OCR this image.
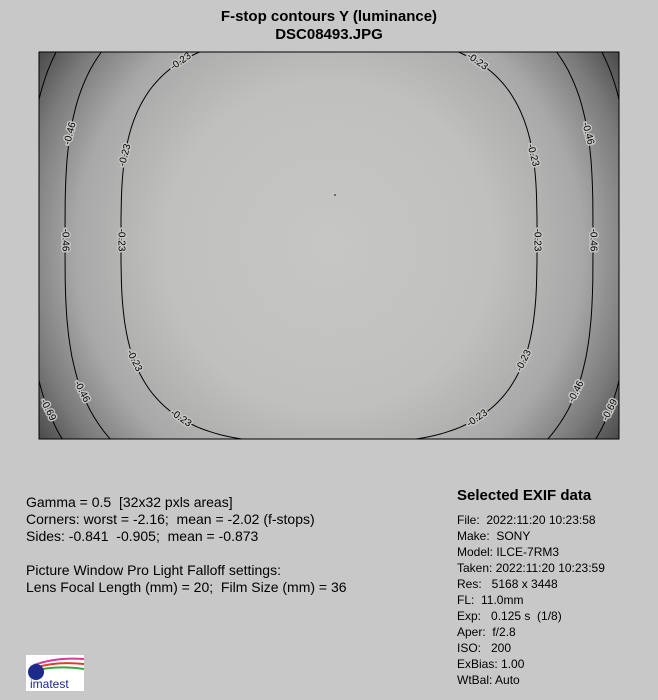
F-stop contours Y (luminance)
DSC08493.JPG
-0.23
-0.23
-0.23
-0.23
-0.23
-0.23
-0.23
-0.23
-0.23
-0.23
-0.46
-0.46
-0.46
-0.46
-0.46
-0.46
-0.69
-0.69
Gamma = 0.5  [32x32 pxls areas]
Corners: worst = -2.16;  mean = -2.02 (f-stops)
Sides: -0.841  -0.905;  mean = -0.873
Picture Window Pro Light Falloff settings:
Lens Focal Length (mm) = 20;  Film Size (mm) = 36
Selected EXIF data
File:  2022:11:20 10:23:58
Make:  SONY
Model: ILCE-7RM3
Taken: 2022:11:20 10:23:59
Res:   5168 x 3448
FL:  11.0mm
Exp:   0.125 s  (1/8)
Aper:  f/2.8
ISO:   200
ExBias: 1.00
WtBal: Auto
imatest
